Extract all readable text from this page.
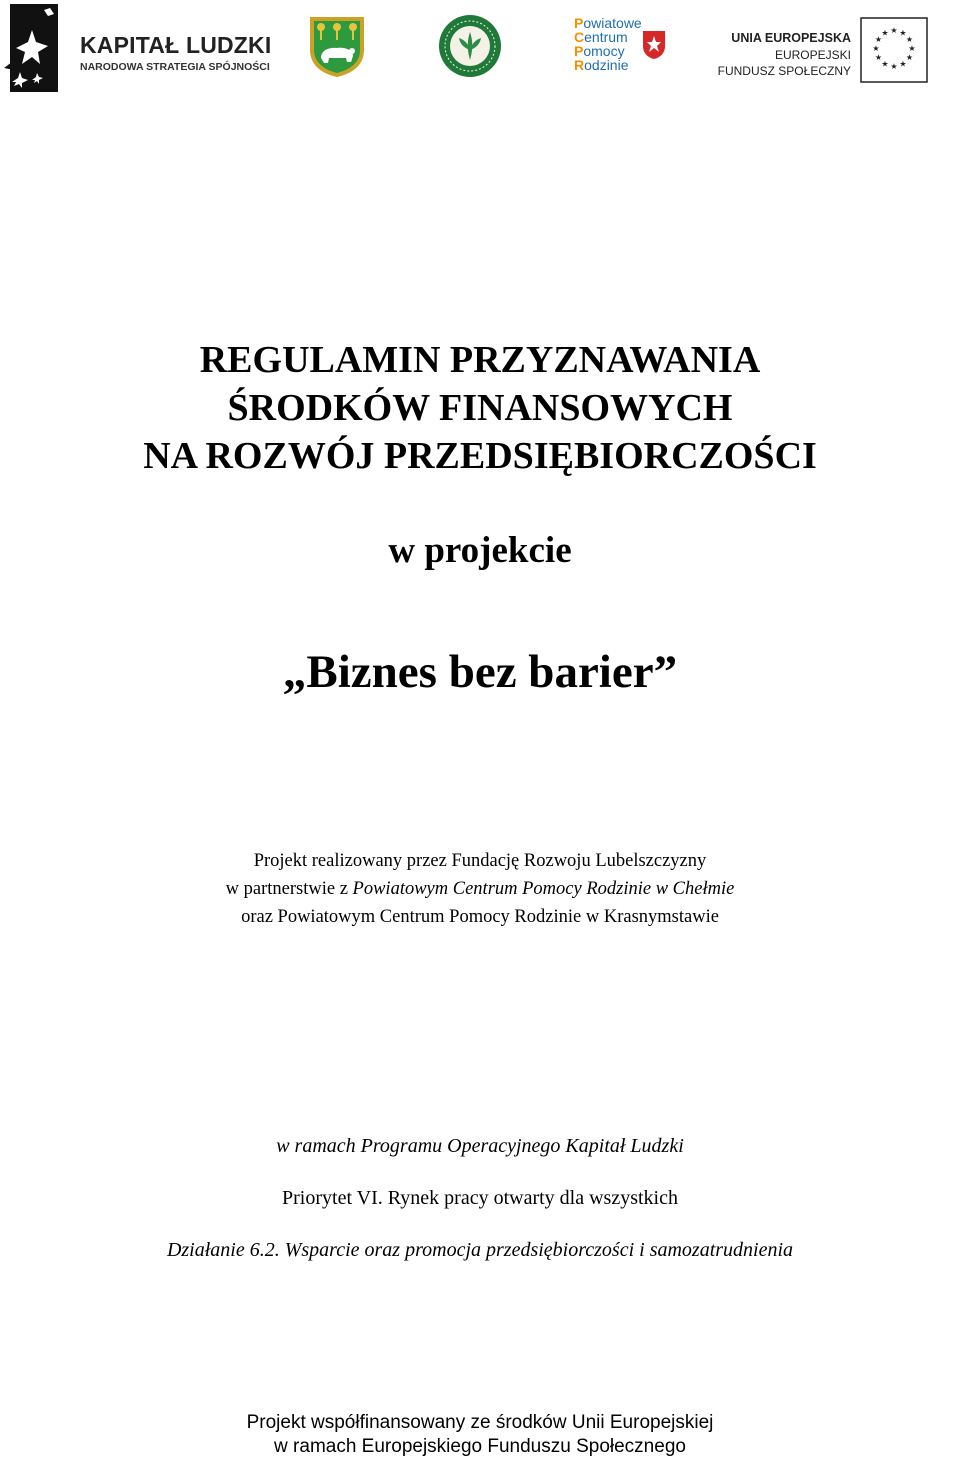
KAPITAŁ LUDZKI
NARODOWA STRATEGIA SPÓJNOŚCI
Powiatowe
Centrum
Pomocy
Rodzinie
UNIA EUROPEJSKA
EUROPEJSKI
FUNDUSZ SPOŁECZNY
★ ★
★
★
★
★
★
★
★
★
★
★
REGULAMIN PRZYZNAWANIA
ŚRODKÓW FINANSOWYCH
NA ROZWÓJ PRZEDSIĘBIORCZOŚCI
w projekcie
„Biznes bez barier”
Projekt realizowany przez Fundację Rozwoju Lubelszczyzny
w partnerstwie z Powiatowym Centrum Pomocy Rodzinie w Chełmie
oraz Powiatowym Centrum Pomocy Rodzinie w Krasnymstawie
w ramach Programu Operacyjnego Kapitał Ludzki
Priorytet VI. Rynek pracy otwarty dla wszystkich
Działanie 6.2. Wsparcie oraz promocja przedsiębiorczości i samozatrudnienia
Projekt współfinansowany ze środków Unii Europejskiej
w ramach Europejskiego Funduszu Społecznego
